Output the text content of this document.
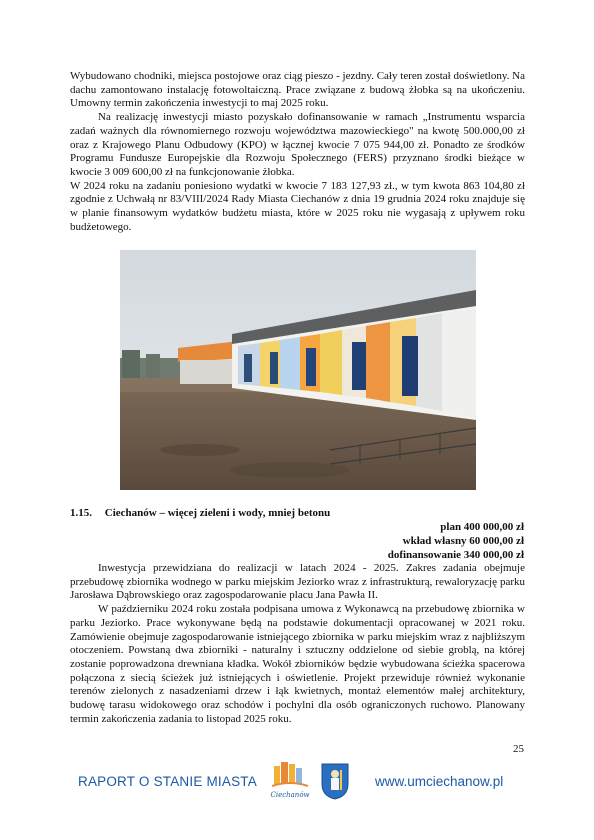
Wybudowano chodniki, miejsca postojowe oraz ciąg pieszo - jezdny. Cały teren został doświetlony. Na dachu zamontowano instalację fotowoltaiczną. Prace związane z budową żłobka są na ukończeniu. Umowny termin zakończenia inwestycji to maj 2025 roku.

Na realizację inwestycji miasto pozyskało dofinansowanie w ramach „Instrumentu wsparcia zadań ważnych dla równomiernego rozwoju województwa mazowieckiego" na kwotę 500.000,00 zł oraz z Krajowego Planu Odbudowy (KPO) w łącznej kwocie 7 075 944,00 zł. Ponadto ze środków Programu Fundusze Europejskie dla Rozwoju Społecznego (FERS) przyznano środki bieżące w kwocie 3 009 600,00 zł na funkcjonowanie żłobka.

W 2024 roku na zadaniu poniesiono wydatki w kwocie 7 183 127,93 zł., w tym kwota 863 104,80 zł zgodnie z Uchwałą nr 83/VIII/2024 Rady Miasta Ciechanów z dnia 19 grudnia 2024 roku znajduje się w planie finansowym wydatków budżetu miasta, które w 2025 roku nie wygasają z upływem roku budżetowego.

1.15. Ciechanów – więcej zieleni i wody, mniej betonu
plan 400 000,00 zł
wkład własny 60 000,00 zł
dofinansowanie 340 000,00 zł

Inwestycja przewidziana do realizacji w latach 2024 - 2025. Zakres zadania obejmuje przebudowę zbiornika wodnego w parku miejskim Jeziorko wraz z infrastrukturą, rewaloryzację parku Jarosława Dąbrowskiego oraz zagospodarowanie placu Jana Pawła II.

W październiku 2024 roku została podpisana umowa z Wykonawcą na przebudowę zbiornika w parku Jeziorko. Prace wykonywane będą na podstawie dokumentacji opracowanej w 2021 roku. Zamówienie obejmuje zagospodarowanie istniejącego zbiornika w parku miejskim wraz z najbliższym otoczeniem. Powstaną dwa zbiorniki - naturalny i sztuczny oddzielone od siebie groblą, na której zostanie poprowadzona drewniana kładka. Wokół zbiorników będzie wybudowana ścieżka spacerowa połączona z siecią ścieżek już istniejących i oświetlenie. Projekt przewiduje również wykonanie terenów zielonych z nasadzeniami drzew i łąk kwietnych, montaż elementów małej architektury, budowę tarasu widokowego oraz schodów i pochylni dla osób ograniczonych ruchowo. Planowany termin zakończenia zadania to listopad 2025 roku.

25
RAPORT O STANIE MIASTA
Ciechanów
www.umciechanow.pl
